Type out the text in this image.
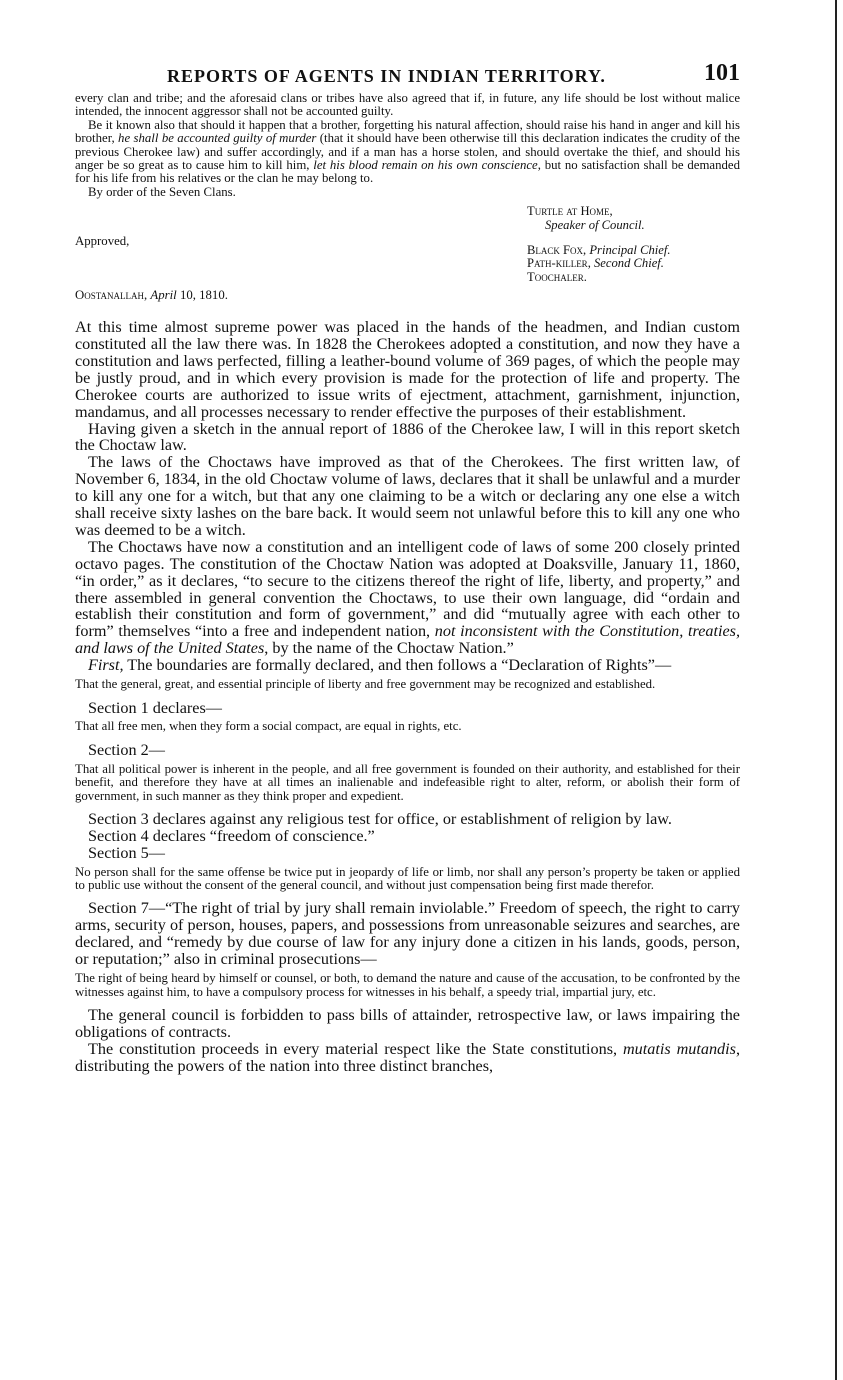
REPORTS OF AGENTS IN INDIAN TERRITORY.	101

every clan and tribe; and the aforesaid clans or tribes have also agreed that if, in future, any life should be lost without malice intended, the innocent aggressor shall not be accounted guilty.

Be it known also that should it happen that a brother, forgetting his natural affection, should raise his hand in anger and kill his brother, he shall be accounted guilty of murder (that it should have been otherwise till this declaration indicates the crudity of the previous Cherokee law) and suffer accordingly, and if a man has a horse stolen, and should overtake the thief, and should his anger be so great as to cause him to kill him, let his blood remain on his own conscience, but no satisfaction shall be demanded for his life from his relatives or the clan he may belong to.

By order of the Seven Clans.

Turtle at Home,
Speaker of Council.
Approved,
Black Fox, Principal Chief.
Path-killer, Second Chief.
Toochaler.
Oostanallah, April 10, 1810.

At this time almost supreme power was placed in the hands of the headmen, and Indian custom constituted all the law there was. In 1828 the Cherokees adopted a constitution, and now they have a constitution and laws perfected, filling a leather-bound volume of 369 pages, of which the people may be justly proud, and in which every provision is made for the protection of life and property. The Cherokee courts are authorized to issue writs of ejectment, attachment, garnishment, injunction, mandamus, and all processes necessary to render effective the purposes of their establishment.

Having given a sketch in the annual report of 1886 of the Cherokee law, I will in this report sketch the Choctaw law.

The laws of the Choctaws have improved as that of the Cherokees. The first written law, of November 6, 1834, in the old Choctaw volume of laws, declares that it shall be unlawful and a murder to kill any one for a witch, but that any one claiming to be a witch or declaring any one else a witch shall receive sixty lashes on the bare back. It would seem not unlawful before this to kill any one who was deemed to be a witch.

The Choctaws have now a constitution and an intelligent code of laws of some 200 closely printed octavo pages. The constitution of the Choctaw Nation was adopted at Doaksville, January 11, 1860, “in order,” as it declares, “to secure to the citizens thereof the right of life, liberty, and property,” and there assembled in general convention the Choctaws, to use their own language, did “ordain and establish their constitution and form of government,” and did “mutually agree with each other to form” themselves “into a free and independent nation, not inconsistent with the Constitution, treaties, and laws of the United States, by the name of the Choctaw Nation.”

First, The boundaries are formally declared, and then follows a “Declaration of Rights”—

That the general, great, and essential principle of liberty and free government may be recognized and established.

Section 1 declares—

That all free men, when they form a social compact, are equal in rights, etc.

Section 2—

That all political power is inherent in the people, and all free government is founded on their authority, and established for their benefit, and therefore they have at all times an inalienable and indefeasible right to alter, reform, or abolish their form of government, in such manner as they think proper and expedient.

Section 3 declares against any religious test for office, or establishment of religion by law.

Section 4 declares “freedom of conscience.”

Section 5—

No person shall for the same offense be twice put in jeopardy of life or limb, nor shall any person’s property be taken or applied to public use without the consent of the general council, and without just compensation being first made therefor.

Section 7—“The right of trial by jury shall remain inviolable.” Freedom of speech, the right to carry arms, security of person, houses, papers, and possessions from unreasonable seizures and searches, are declared, and “remedy by due course of law for any injury done a citizen in his lands, goods, person, or reputation;” also in criminal prosecutions—

The right of being heard by himself or counsel, or both, to demand the nature and cause of the accusation, to be confronted by the witnesses against him, to have a compulsory process for witnesses in his behalf, a speedy trial, impartial jury, etc.

The general council is forbidden to pass bills of attainder, retrospective law, or laws impairing the obligations of contracts.

The constitution proceeds in every material respect like the State constitutions, mutatis mutandis, distributing the powers of the nation into three distinct branches,
